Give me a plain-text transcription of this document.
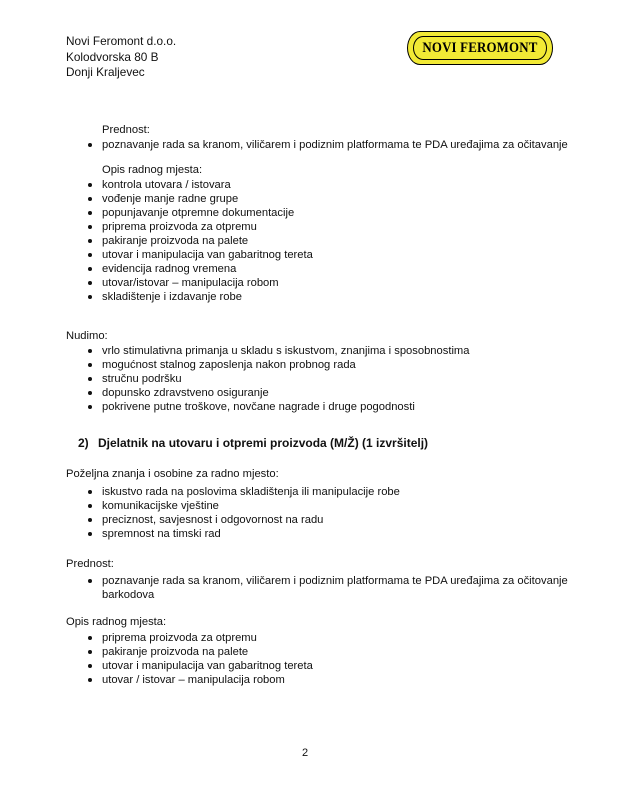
Novi Feromont d.o.o.
Kolodvorska 80 B
Donji Kraljevec
NOVI FEROMONT
Prednost:
poznavanje rada sa kranom, viličarem i podiznim platformama te PDA uređajima za očitavanje
Opis radnog mjesta:
kontrola utovara / istovara
vođenje manje radne grupe
popunjavanje otpremne dokumentacije
priprema proizvoda za otpremu
pakiranje proizvoda na palete
utovar i manipulacija van gabaritnog tereta
evidencija radnog vremena
utovar/istovar – manipulacija robom
skladištenje i izdavanje robe
Nudimo:
vrlo stimulativna primanja u skladu s iskustvom, znanjima i sposobnostima
mogućnost stalnog zaposlenja nakon probnog rada
stručnu podršku
dopunsko zdravstveno osiguranje
pokrivene putne troškove, novčane nagrade i druge pogodnosti
2) Djelatnik na utovaru i otpremi proizvoda (M/Ž) (1 izvršitelj)
Poželjna znanja i osobine za radno mjesto:
iskustvo rada na poslovima skladištenja ili manipulacije robe
komunikacijske vještine
preciznost, savjesnost i odgovornost na radu
spremnost na timski rad
Prednost:
poznavanje rada sa kranom, viličarem i podiznim platformama te PDA uređajima za očitovanje
barkodova
Opis radnog mjesta:
priprema proizvoda za otpremu
pakiranje proizvoda na palete
utovar i manipulacija van gabaritnog tereta
utovar / istovar – manipulacija robom
2
